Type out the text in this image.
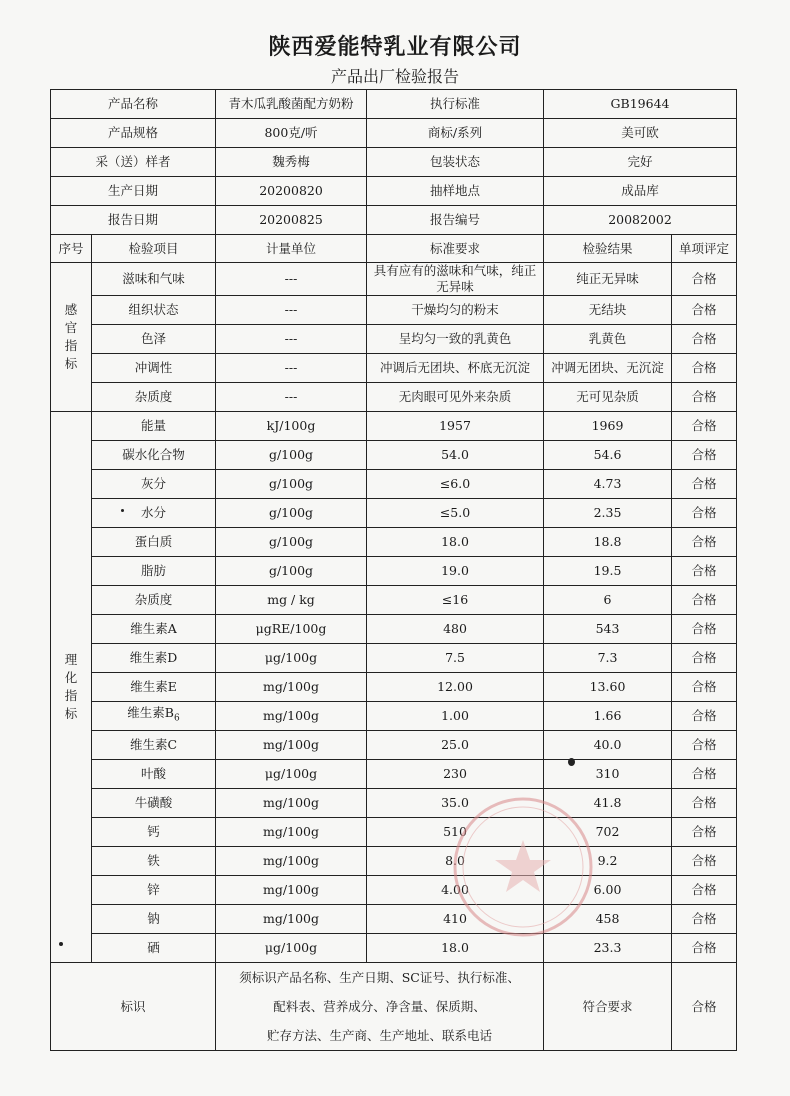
陕西爱能特乳业有限公司
产品出厂检验报告
产品名称		青木瓜乳酸菌配方奶粉	执行标准	GB19644	
产品规格		800克/听	商标/系列	美可欧	
采（送）样者		魏秀梅	包装状态	完好	
生产日期		20200820	抽样地点	成品库	
报告日期		20200825	报告编号	20082002	
序号	检验项目	计量单位	标准要求	检验结果	单项评定

感
官
指
标	滋味和气味	---	具有应有的滋味和气味，纯正无异味	纯正无异味	合格
	组织状态	---	干燥均匀的粉末	无结块	合格
	色泽	---	呈均匀一致的乳黄色	乳黄色	合格
	冲调性	---	冲调后无团块、杯底无沉淀	冲调无团块、无沉淀	合格
	杂质度	---	无肉眼可见外来杂质	无可见杂质	合格

理
化
指
标	能量	kJ/100g	1957	1969	合格
	碳水化合物	g/100g	54.0	54.6	合格
	灰分	g/100g	≤6.0	4.73	合格
	水分	g/100g	≤5.0	2.35	合格
	蛋白质	g/100g	18.0	18.8	合格
	脂肪	g/100g	19.0	19.5	合格
	杂质度	mg / kg	≤16	6	合格
	维生素A	μgRE/100g	480	543	合格
	维生素D	μg/100g	7.5	7.3	合格
	维生素E	mg/100g	12.00	13.60	合格
	维生素$B_6$	mg/100g	1.00	1.66	合格
	维生素C	mg/100g	25.0	40.0	合格
	叶酸	μg/100g	230	310	合格
	牛磺酸	mg/100g	35.0	41.8	合格
	钙	mg/100g	510	702	合格
	铁	mg/100g	8.0	9.2	合格
	锌	mg/100g	4.00	6.00	合格
	钠	mg/100g	410	458	合格
	硒	μg/100g	18.0	23.3	合格
标识		须标识产品名称、生产日期、SC证号、执行标准、
配料表、营养成分、净含量、保质期、
贮存方法、生产商、生产地址、联系电话		符合要求	合格
